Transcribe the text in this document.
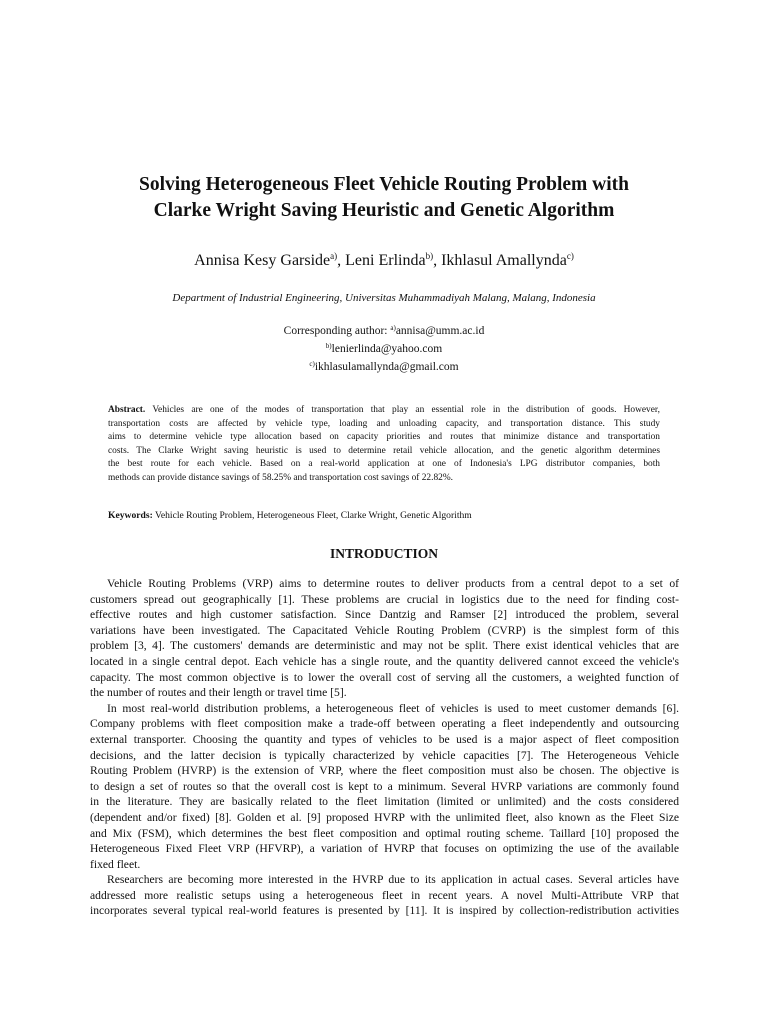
Solving Heterogeneous Fleet Vehicle Routing Problem with
Clarke Wright Saving Heuristic and Genetic Algorithm
Annisa Kesy Garside$^{a)}$, Leni Erlinda$^{b)}$, Ikhlasul Amallynda$^{c)}$
Department of Industrial Engineering, Universitas Muhammadiyah Malang, Malang, Indonesia
Corresponding author: $^{a)}$annisa@umm.ac.id
$^{b)}$lenierlinda@yahoo.com
$^{c)}$ikhlasulamallynda@gmail.com
Abstract. Vehicles are one of the modes of transportation that play an essential role in the distribution of goods. However,
transportation costs are affected by vehicle type, loading and unloading capacity, and transportation distance. This study
aims to determine vehicle type allocation based on capacity priorities and routes that minimize distance and transportation
costs. The Clarke Wright saving heuristic is used to determine retail vehicle allocation, and the genetic algorithm determines
the best route for each vehicle. Based on a real-world application at one of Indonesia's LPG distributor companies, both
methods can provide distance savings of 58.25% and transportation cost savings of 22.82%.
Keywords: Vehicle Routing Problem, Heterogeneous Fleet, Clarke Wright, Genetic Algorithm
INTRODUCTION

Vehicle Routing Problems (VRP) aims to determine routes to deliver products from a central depot to a set of
customers spread out geographically [1]. These problems are crucial in logistics due to the need for finding cost-
effective routes and high customer satisfaction. Since Dantzig and Ramser [2] introduced the problem, several
variations have been investigated. The Capacitated Vehicle Routing Problem (CVRP) is the simplest form of this
problem [3, 4]. The customers' demands are deterministic and may not be split. There exist identical vehicles that are
located in a single central depot. Each vehicle has a single route, and the quantity delivered cannot exceed the vehicle's
capacity. The most common objective is to lower the overall cost of serving all the customers, a weighted function of
the number of routes and their length or travel time [5].

In most real-world distribution problems, a heterogeneous fleet of vehicles is used to meet customer demands [6].
Company problems with fleet composition make a trade-off between operating a fleet independently and outsourcing
external transporter. Choosing the quantity and types of vehicles to be used is a major aspect of fleet composition
decisions, and the latter decision is typically characterized by vehicle capacities [7]. The Heterogeneous Vehicle
Routing Problem (HVRP) is the extension of VRP, where the fleet composition must also be chosen. The objective is
to design a set of routes so that the overall cost is kept to a minimum. Several HVRP variations are commonly found
in the literature. They are basically related to the fleet limitation (limited or unlimited) and the costs considered
(dependent and/or fixed) [8]. Golden et al. [9] proposed HVRP with the unlimited fleet, also known as the Fleet Size
and Mix (FSM), which determines the best fleet composition and optimal routing scheme. Taillard [10] proposed the
Heterogeneous Fixed Fleet VRP (HFVRP), a variation of HVRP that focuses on optimizing the use of the available
fixed fleet.

Researchers are becoming more interested in the HVRP due to its application in actual cases. Several articles have
addressed more realistic setups using a heterogeneous fleet in recent years. A novel Multi-Attribute VRP that
incorporates several typical real-world features is presented by [11]. It is inspired by collection-redistribution activities
